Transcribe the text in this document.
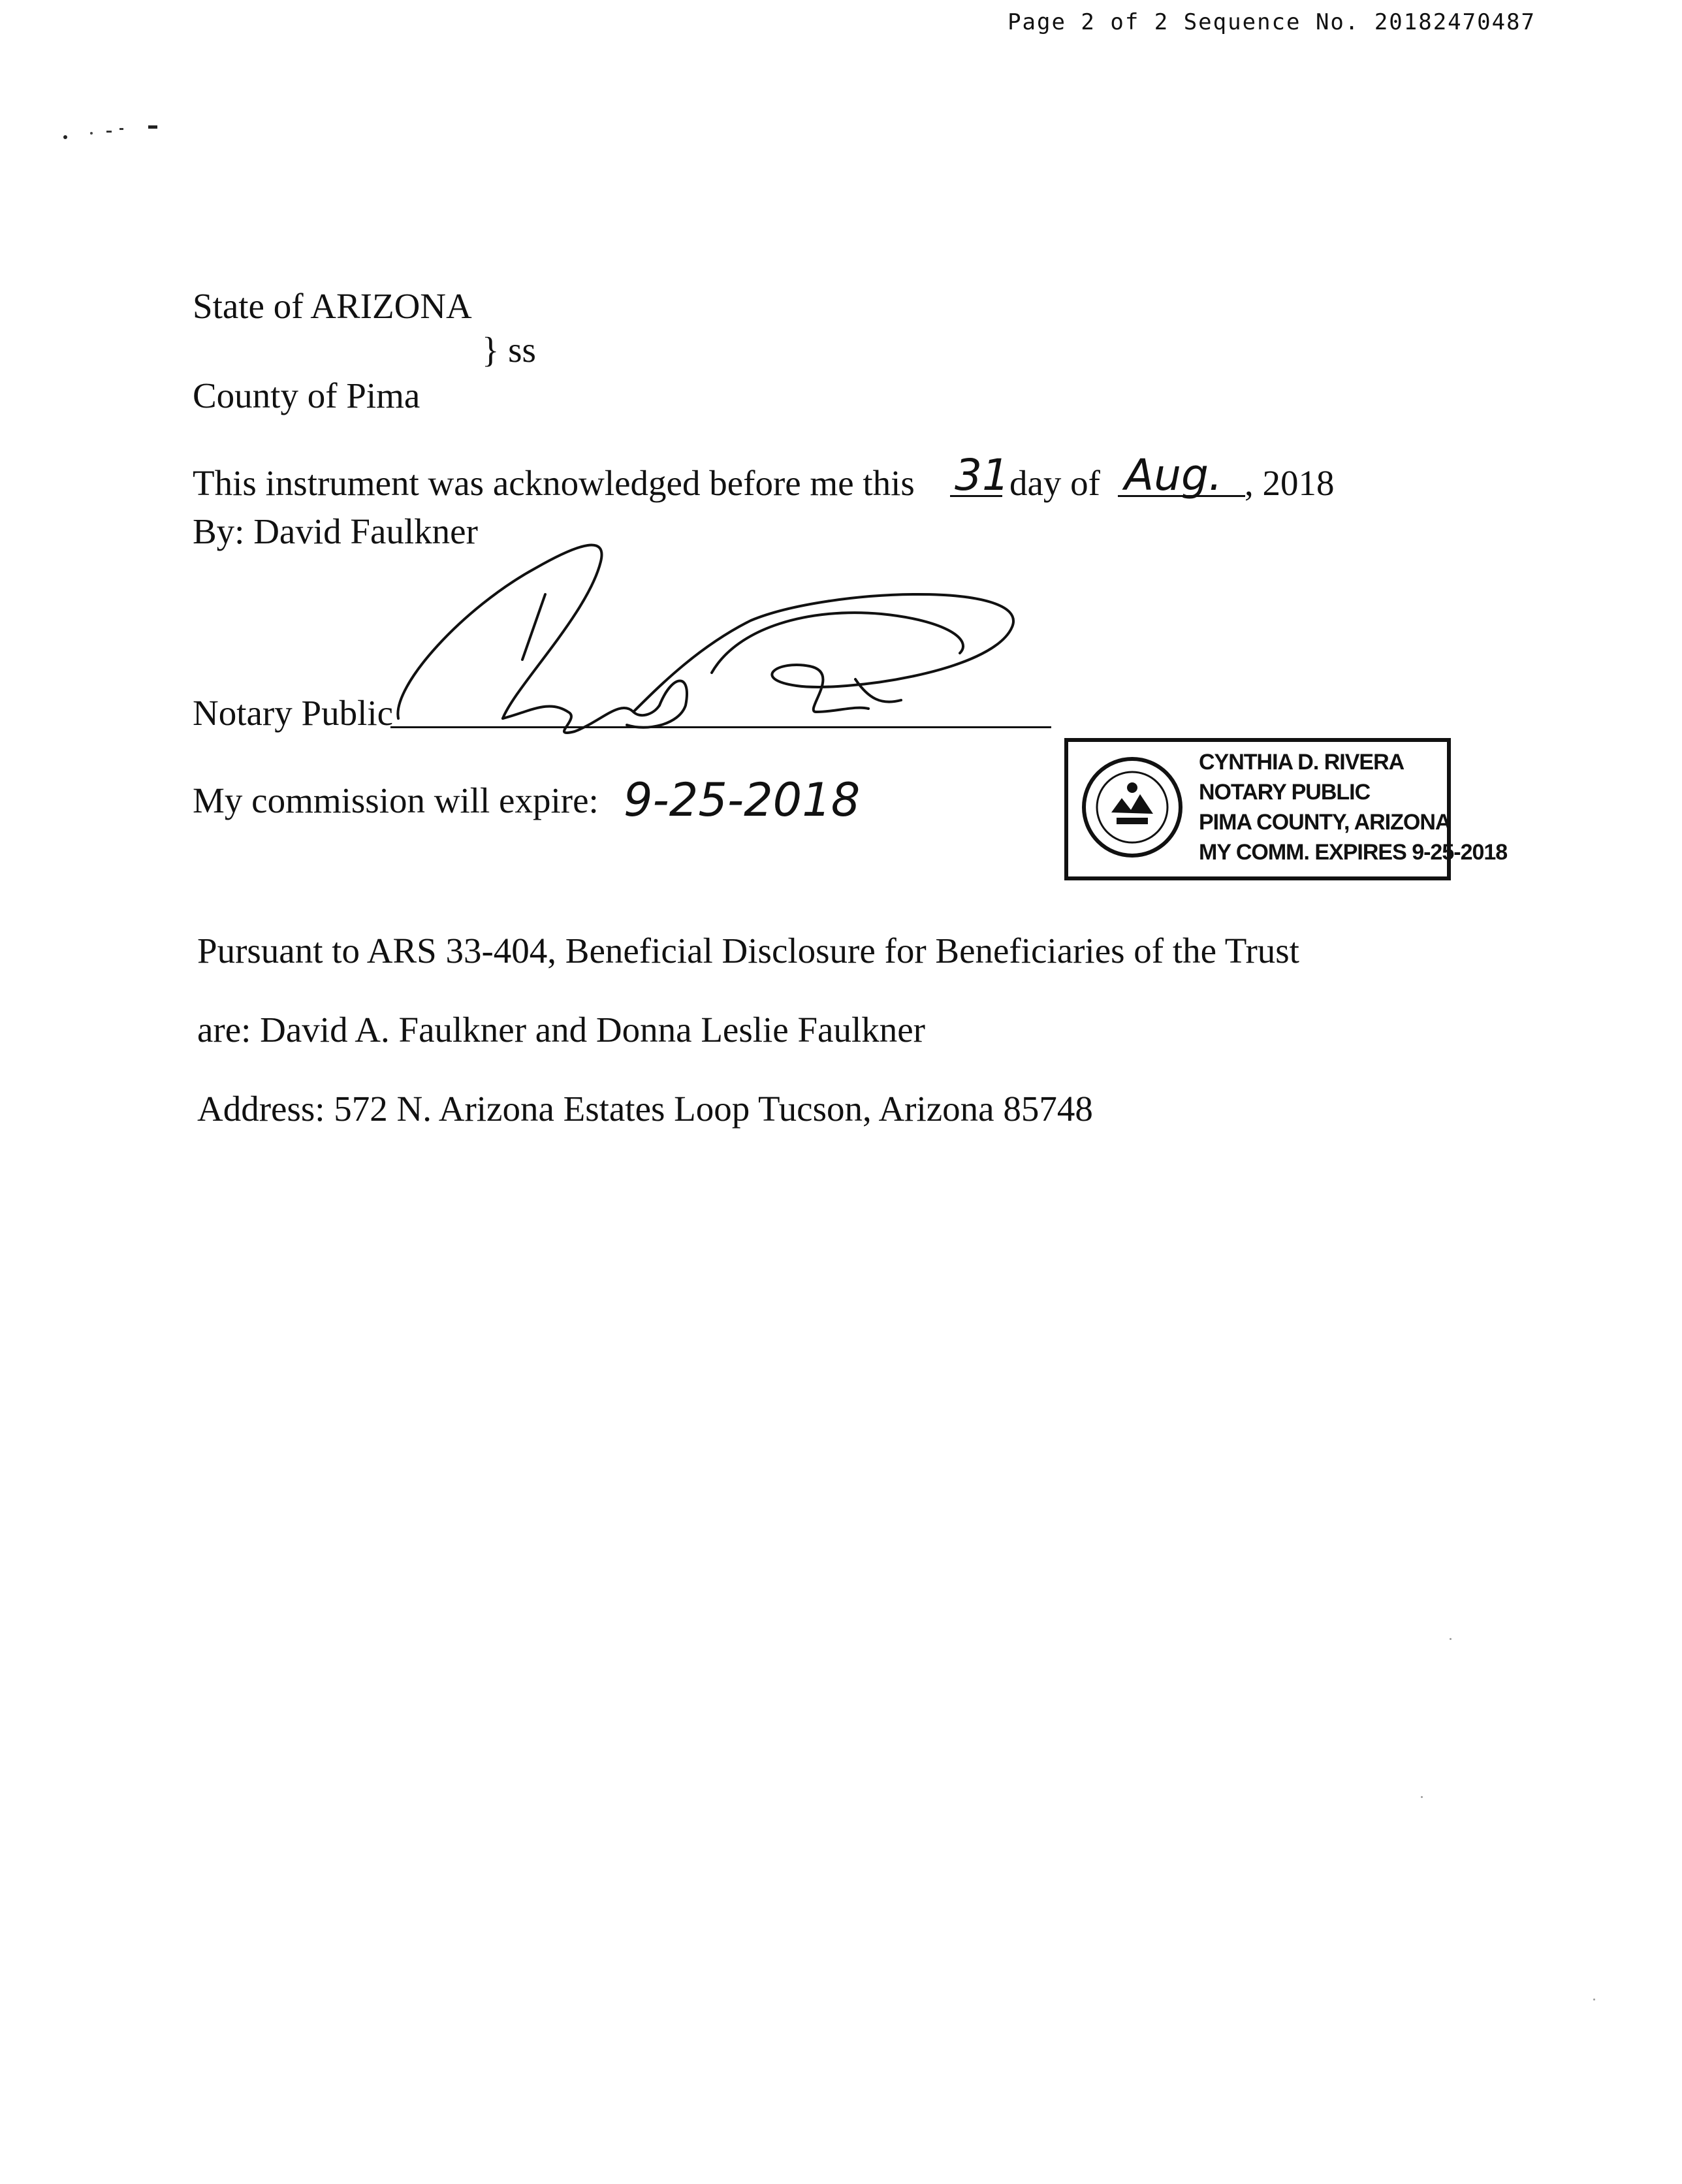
Page 2 of 2 Sequence No. 20182470487
State of ARIZONA
} ss
County of Pima
This instrument was acknowledged before me this 31 day of Aug. , 2018
By: David Faulkner
Notary Public
My commission will expire: 9-25-2018
CYNTHIA D. RIVERA
NOTARY PUBLIC
PIMA COUNTY, ARIZONA
MY COMM. EXPIRES 9-25-2018
Pursuant to ARS 33-404, Beneficial Disclosure for Beneficiaries of the Trust
are: David A. Faulkner and Donna Leslie Faulkner
Address: 572 N. Arizona Estates Loop Tucson, Arizona 85748
